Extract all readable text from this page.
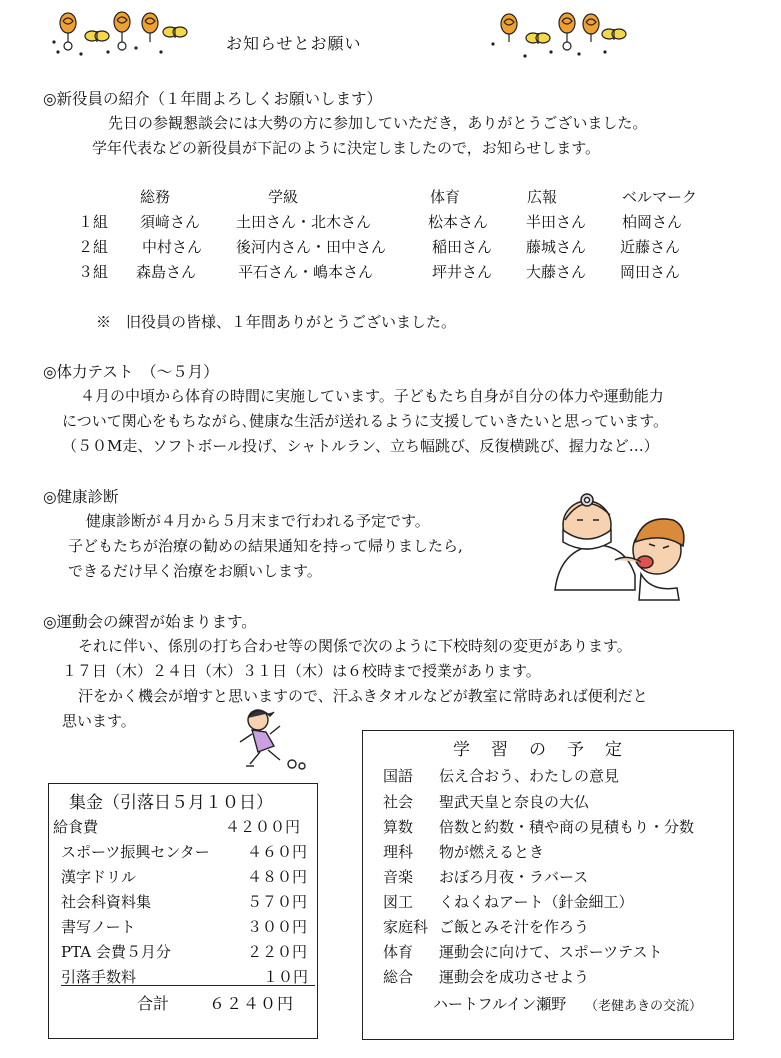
お知らせとお願い
◎新役員の紹介（１年間よろしくお願いします）
先日の参観懇談会には大勢の方に参加していただき，ありがとうございました。
学年代表などの新役員が下記のように決定しましたので，お知らせします。
総務	学級	体育	広報	ベルマーク
１組 須﨑さん 土田さん・北木さん	松本さん	半田さん 柏岡さん
２組 中村さん 後河内さん・田中さん	稲田さん 藤城さん 近藤さん
３組 森島さん	平石さん・嶋本さん	坪井さん 大藤さん 岡田さん
※　旧役員の皆様、１年間ありがとうございました。
◎体力テスト　（～５月）
４月の中頃から体育の時間に実施しています。子どもたち自身が自分の体力や運動能力
について関心をもちながら､健康な生活が送れるように支援していきたいと思っています。
（５０M走、ソフトボール投げ、シャトルラン、立ち幅跳び、反復横跳び、握力など…）
◎健康診断
健康診断が４月から５月末まで行われる予定です。
子どもたちが治療の勧めの結果通知を持って帰りましたら,
できるだけ早く治療をお願いします。
◎運動会の練習が始まります。
それに伴い、係別の打ち合わせ等の関係で次のように下校時刻の変更があります。
１７日（木）２４日（木）３１日（木）は６校時まで授業があります。
汗をかく機会が増すと思いますので、汗ふきタオルなどが教室に常時あれば便利だと
思います。
集金（引落日５月１０日）
給食費	４２００円
スポーツ振興センター ４６０円
漢字ドリル	４８０円
社会科資料集	５７０円
書写ノート	３００円
PTA 会費５月分	２２０円
引落手数料	１０円
合計 ６２４０円
学　習　の　予　定
国語 伝え合おう、わたしの意見
社会 聖武天皇と奈良の大仏
算数 倍数と約数・積や商の見積もり・分数
理科 物が燃えるとき
音楽 おぼろ月夜・ラバース
図工 くねくねアート（針金細工）
家庭科 ご飯とみそ汁を作ろう
体育 運動会に向けて、スポーツテスト
総合 運動会を成功させよう
ハートフルイン瀬野 （老健あきの交流）
